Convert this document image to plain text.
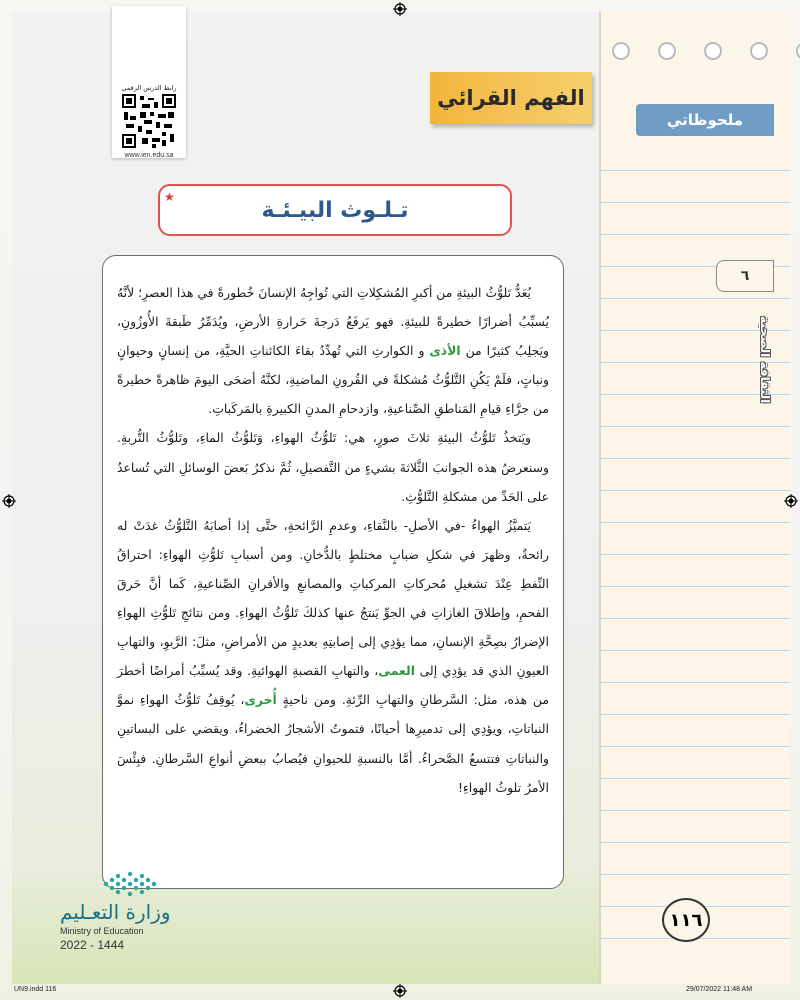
رابط الدرس الرقمي
www.ien.edu.sa
الفهم القرائي
ملحوظاتي
تـلـوث البيـئـة
★

يُعَدُّ تَلوُّثُ البيئةِ من أكبرِ المُشكِلاتِ التي تُواجِهُ الإنسانَ خُطورةً في هذا العصرِ؛ لأنَّهُ يُسبِّبُ أضرارًا خطيرةً للبيئةِ. فهو يَرفَعُ دَرجةَ حَرارةِ الأرضِ، ويُدَمِّرُ طَبقةَ الأُوزُونِ، ويَجلِبُ كثيرًا من الأذى و الكوارثِ التي تُهدِّدُ بقاءَ الكائناتِ الحيَّةِ، من إنسانٍ وحيوانٍ ونباتٍ، فلَمْ يَكُنِ التَّلوُّثُ مُشكلةً في القُرونِ الماضيةِ، لكنَّهُ أضحَى اليومَ ظاهرةً خطيرةً من جرَّاءِ قيامِ المَناطقِ الصِّناعيةِ، وازدحامِ المدنِ الكبيرةِ بالمَركَباتِ.

ويَتخذُ تَلوُّثُ البيئةِ ثلاثَ صورٍ، هي: تَلوُّثُ الهواءِ، وَتَلوُّثُ الماءِ، وتَلوُّثُ التُّربةِ. وسنعرضُ هذه الجوانبَ الثَّلاثةَ بشيءٍ من التَّفصيلِ، ثُمَّ نذكرُ بَعضَ الوسائلِ التي تُساعدُ على الحَدِّ من مشكلةِ التَّلوُّثِ.

يَتميَّزُ الهواءُ -في الأصلِ- بالنَّقاءِ، وعدمِ الرَّائحةِ، حتَّى إذا أصابَهُ التَّلوُّثُ غدَتْ له رائحةٌ، وظهرَ في شكلِ ضبابٍ مختلطٍ بالدُّخانِ. ومن أسبابِ تَلوُّثِ الهواءِ: احتراقُ النِّفطِ عِنْدَ تشغيلِ مُحركاتِ المركباتِ والمصانعِ والأفرانِ الصِّناعيةِ، كَما أنَّ حَرقَ الفحمِ، وإطلاقَ الغازاتِ في الجوِّ يَنتجُ عنها كذلكَ تَلوُّثُ الهواءِ. ومن نتائجِ تَلوُّثِ الهواءِ الإضرارُ بصِحَّةِ الإنسانِ، مما يؤدِي إلى إصابتِهِ بعديدٍ من الأمراضِ، مثلَ: الرَّبوِ، والتهابِ العيونِ الذي قد يؤدِي إلى العمى، والتهابِ القصبةِ الهوائيةِ. وقد يُسبِّبُ أمراضًا أخطرَ من هذه، مثل: السَّرطانِ والتهابِ الرِّئةِ. ومن ناحيةٍ أُخرى، يُوقِفُ تَلوُّثُ الهواءِ نموَّ النباتاتِ، ويؤدِي إلى تدميرِها أحيانًا، فتموتُ الأشجارُ الخضراءُ، ويقضي على البساتينِ والنباتاتِ فتتسعُ الصَّحراءُ. أمَّا بالنسبةِ للحيوانِ فيُصابُ ببعضِ أنواعِ السَّرطانِ. فبِئْسَ الأمرُ تلوثُ الهواءِ!

٦
الثقافة الصحية
١١٦
وزارة التعـليم
Ministry of Education
2022 - 1444
UN9.indd 116	29/07/2022 11:48 AM
